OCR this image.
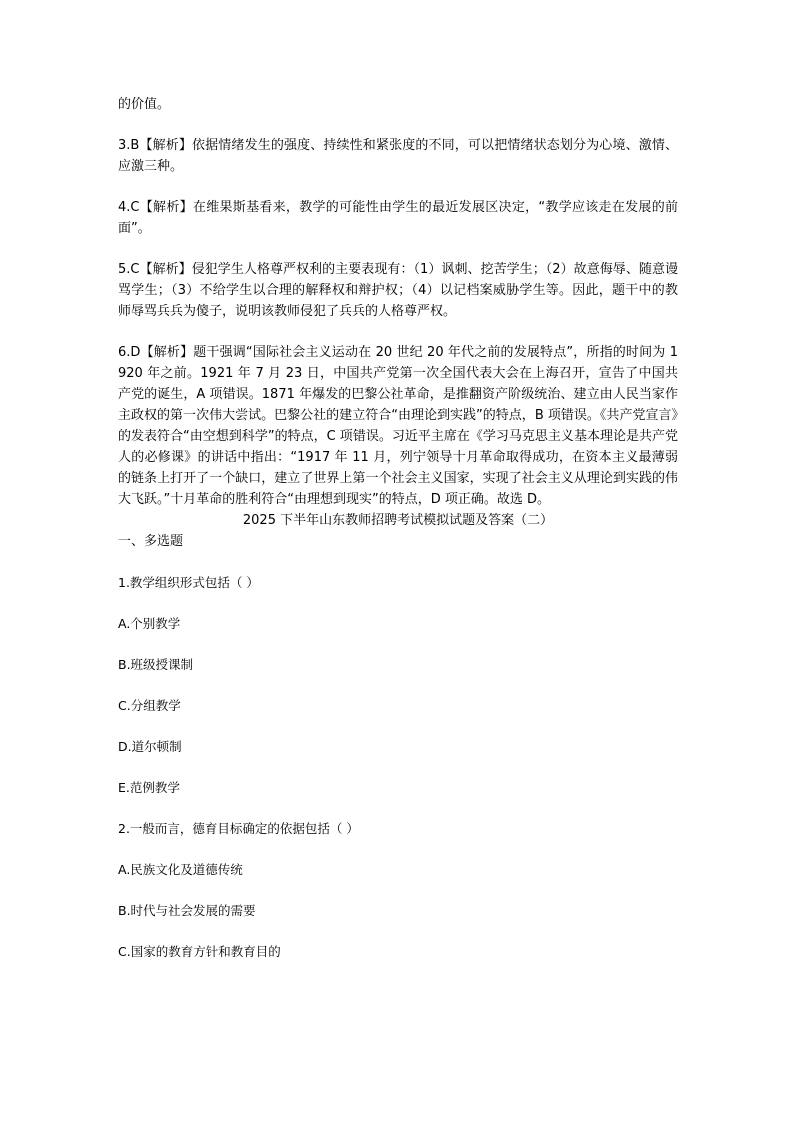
的价值。

3.B【解析】依据情绪发生的强度、持续性和紧张度的不同，可以把情绪状态划分为心境、激情、应激三种。

4.C【解析】在维果斯基看来，教学的可能性由学生的最近发展区决定，“教学应该走在发展的前面”。

5.C【解析】侵犯学生人格尊严权利的主要表现有：（1）讽刺、挖苦学生；（2）故意侮辱、随意谩骂学生；（3）不给学生以合理的解释权和辩护权；（4）以记档案威胁学生等。因此，题干中的教师辱骂兵兵为傻子，说明该教师侵犯了兵兵的人格尊严权。

6.D【解析】题干强调“国际社会主义运动在 20 世纪 20 年代之前的发展特点”，所指的时间为 1920 年之前。1921 年 7 月 23 日，中国共产党第一次全国代表大会在上海召开，宣告了中国共产党的诞生，A 项错误。1871 年爆发的巴黎公社革命，是推翻资产阶级统治、建立由人民当家作主政权的第一次伟大尝试。巴黎公社的建立符合“由理论到实践”的特点，B 项错误。《共产党宣言》的发表符合“由空想到科学”的特点，C 项错误。习近平主席在《学习马克思主义基本理论是共产党人的必修课》的讲话中指出：“1917 年 11 月，列宁领导十月革命取得成功，在资本主义最薄弱的链条上打开了一个缺口，建立了世界上第一个社会主义国家，实现了社会主义从理论到实践的伟大飞跃。”十月革命的胜利符合“由理想到现实”的特点，D 项正确。故选 D。

2025 下半年山东教师招聘考试模拟试题及答案（二）

一、多选题

1.教学组织形式包括（ ）

A.个别教学

B.班级授课制

C.分组教学

D.道尔顿制

E.范例教学

2.一般而言，德育目标确定的依据包括（ ）

A.民族文化及道德传统

B.时代与社会发展的需要

C.国家的教育方针和教育目的
